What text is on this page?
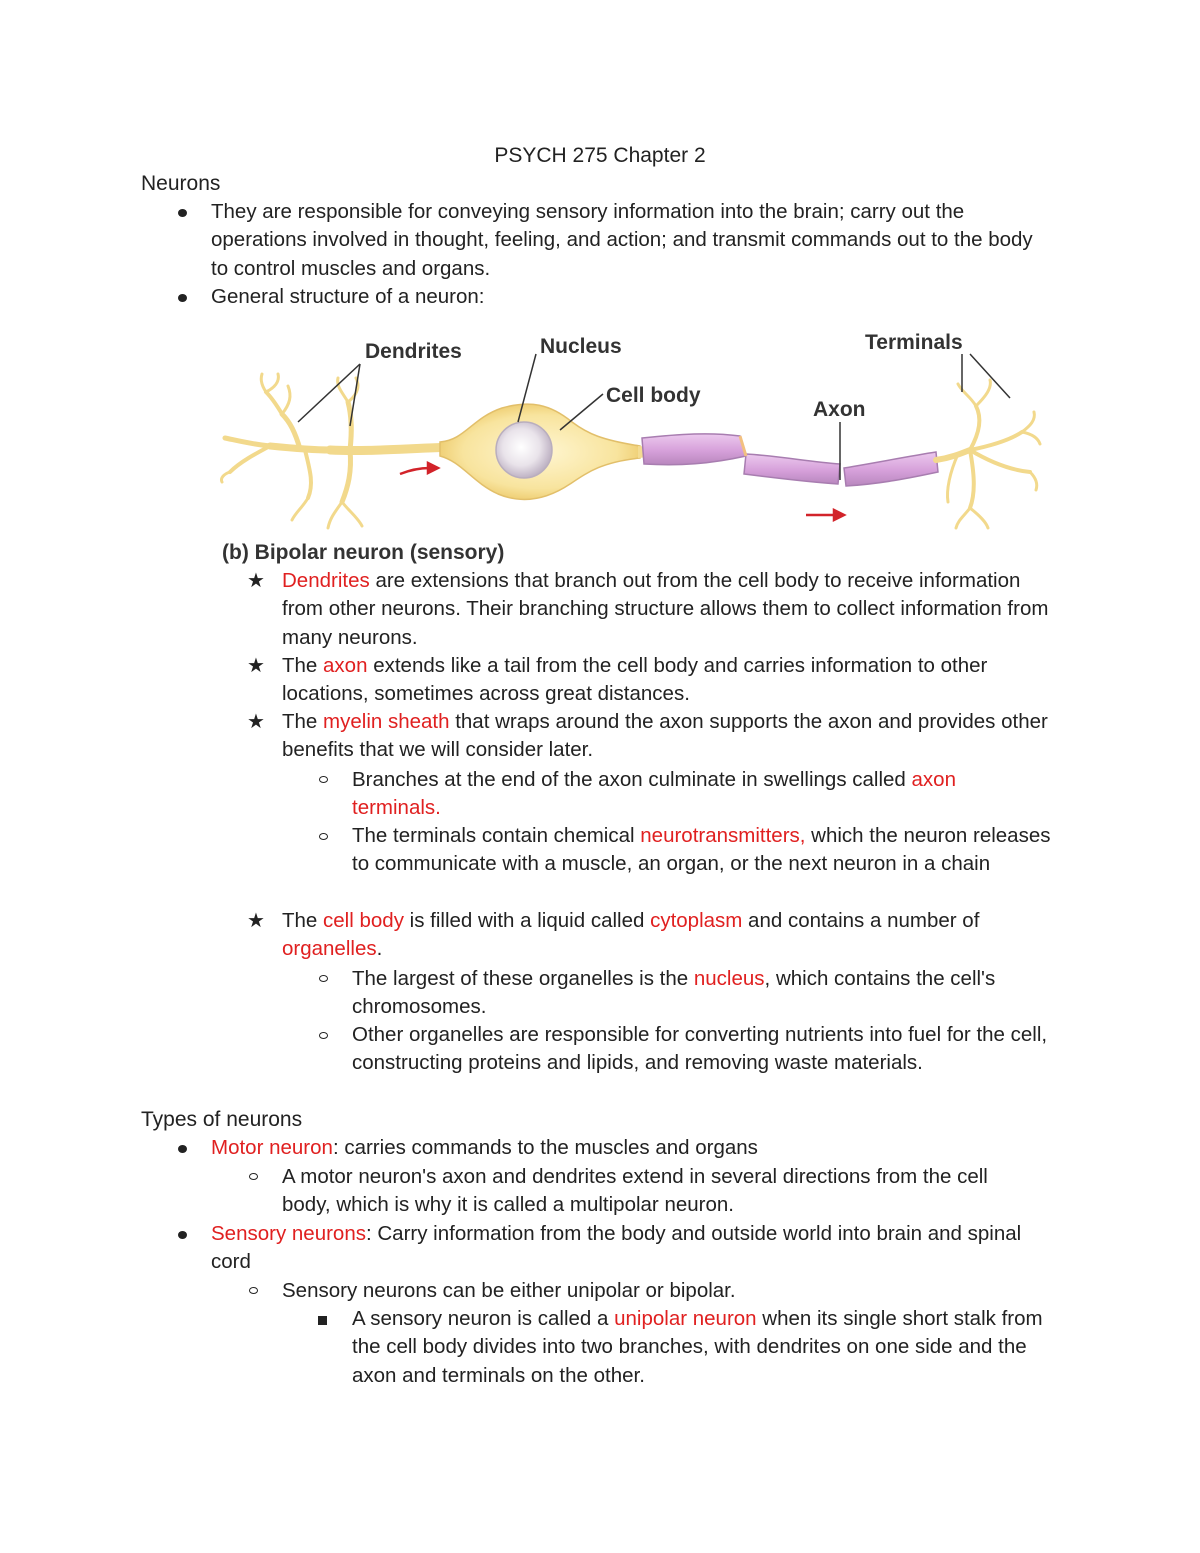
PSYCH 275 Chapter 2
Neurons
They are responsible for conveying sensory information into the brain; carry out the operations involved in thought, feeling, and action; and transmit commands out to the body to control muscles and organs.
General structure of a neuron:
Dendrites	Nucleus
Cell body
Axon
Terminals
(b) Bipolar neuron (sensory)
★ Dendrites are extensions that branch out from the cell body to receive information from other neurons. Their branching structure allows them to collect information from many neurons.
★ The axon extends like a tail from the cell body and carries information to other locations, sometimes across great distances.
★ The myelin sheath that wraps around the axon supports the axon and provides other benefits that we will consider later.
Branches at the end of the axon culminate in swellings called axon terminals.
The terminals contain chemical neurotransmitters, which the neuron releases to communicate with a muscle, an organ, or the next neuron in a chain
★ The cell body is filled with a liquid called cytoplasm and contains a number of organelles.
The largest of these organelles is the nucleus, which contains the cell's chromosomes.
Other organelles are responsible for converting nutrients into fuel for the cell, constructing proteins and lipids, and removing waste materials.
Types of neurons
Motor neuron: carries commands to the muscles and organs
A motor neuron's axon and dendrites extend in several directions from the cell body, which is why it is called a multipolar neuron.
Sensory neurons: Carry information from the body and outside world into brain and spinal cord
Sensory neurons can be either unipolar or bipolar.
A sensory neuron is called a unipolar neuron when its single short stalk from the cell body divides into two branches, with dendrites on one side and the axon and terminals on the other.
